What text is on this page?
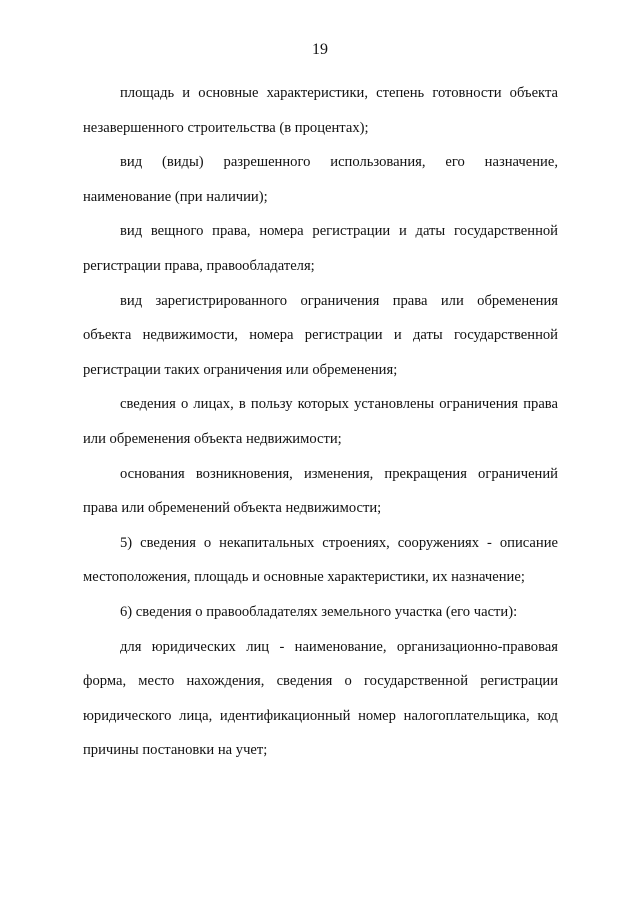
19

площадь и основные характеристики, степень готовности объекта незавершенного строительства (в процентах);

вид (виды) разрешенного использования, его назначение, наименование (при наличии);

вид вещного права, номера регистрации и даты государственной регистрации права, правообладателя;

вид зарегистрированного ограничения права или обременения объекта недвижимости, номера регистрации и даты государственной регистрации таких ограничения или обременения;

сведения о лицах, в пользу которых установлены ограничения права или обременения объекта недвижимости;

основания возникновения, изменения, прекращения ограничений права или обременений объекта недвижимости;

5) сведения о некапитальных строениях, сооружениях - описание местоположения, площадь и основные характеристики, их назначение;

6) сведения о правообладателях земельного участка (его части):

для юридических лиц - наименование, организационно-правовая форма, место нахождения, сведения о государственной регистрации юридического лица, идентификационный номер налогоплательщика, код причины постановки на учет;
